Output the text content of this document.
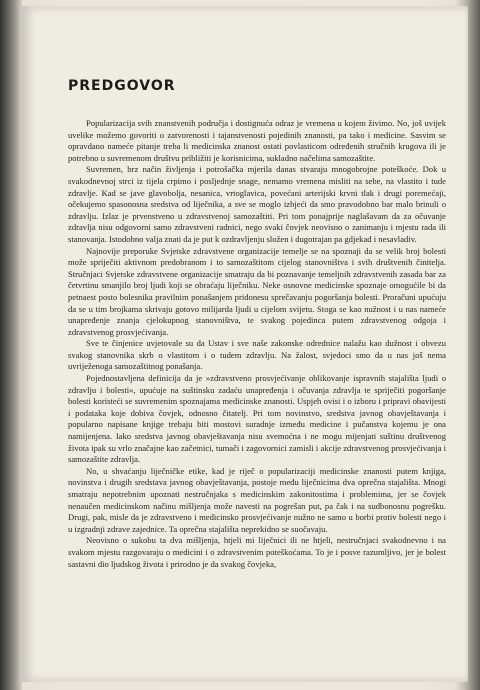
PREDGOVOR

Popularizacija svih znanstvenih područja i dostignuća odraz je vremena u kojem živimo. No, još uvijek uvelike možemo govoriti o zatvorenosti i tajanstvenosti pojedinih znanosti, pa tako i medicine. Sasvim se opravdano nameće pitanje treba li medicinska znanost ostati povlasticom određenih stručnih krugova ili je potrebno u suvremenom društvu približiti je korisnicima, sukladno načelima samozaštite.

Suvremen, brz način življenja i potrošačka mjerila danas stvaraju mnogobrojne poteškoće. Dok u svakodnevnoj strci iz tijela crpimo i posljednje snage, nemamo vremena misliti na sebe, na vlastito i tude zdravlje. Kad se jave glavobolja, nesanica, vrtoglavica, povećani arterijski krvni tlak i drugi poremećaji, očekujemo spasonosna sredstva od liječnika, a sve se moglo izbjeći da smo pravodobno bar malo brinuli o zdravlju. Izlaz je prvenstveno u zdravstvenoj samozaštiti. Pri tom ponajprije naglašavam da za očuvanje zdravlja nisu odgovorni samo zdravstveni radnici, nego svaki čovjek neovisno o zanimanju i mjestu rada ili stanovanja. Istodobno valja znati da je put k ozdravljenju složen i dugotrajan pa gdjekad i nesavladiv.

Najnovije preporuke Svjetske zdravstvene organizacije temelje se na spoznaji da se velik broj bolesti može spriječiti aktivnom predobranom i to samozaštitom cijelog stanovništva i svih društvenih činitelja. Stručnjaci Svjetske zdravstvene organizacije smatraju da bi poznavanje temeljnih zdravstvenih zasada bar za četvrtinu smanjilo broj ljudi koji se obraćaju liječniku. Neke osnovne medicinske spoznaje omogućile bi da petnaest posto bolesnika pravilnim ponašanjem pridonesu sprečavanju pogoršanja bolesti. Proračuni upućuju da se u tim brojkama skrivaju gotovo milijarda ljudi u cijelom svijetu. Stoga se kao nužnost i u nas nameće unapređenje znanja cjelokupnog stanovništva, te svakog pojedinca putem zdravstvenog odgoja i zdravstvenog prosvjećivanja.

Sve te činjenice uvjetovale su da Ustav i sve naše zakonske odrednice nalažu kao dužnost i obvezu svakog stanovnika skrb o vlastitom i o tudem zdravlju. Na žalost, svjedoci smo da u nas još nema uvriježenoga samozaštitnog ponašanja.

Pojednostavljena definicija da je »zdravstveno prosvjećivanje oblikovanje ispravnih stajališta ljudi o zdravlju i bolesti«, upućuje na suštinsku zadaću unapređenja i očuvanja zdravlja te spriječiti pogoršanje bolesti koristeći se suvremenim spoznajama medicinske znanosti. Uspjeh ovisi i o izboru i pripravi obavijesti i podataka koje dobiva čovjek, odnosno čitatelj. Pri tom novinstvo, sredstva javnog obavještavanja i popularno napisane knjige trebaju biti mostovi suradnje između medicine i pučanstva kojemu je ona namijenjena. Iako sredstva javnog obavještavanja nisu svemoćna i ne mogu mijenjati suštinu društvenog života ipak su vrlo značajne kao začetnici, tumači i zagovornici zamisli i akcije zdravstvenog prosvjećivanja i samozaštite zdravlja.

No, u shvaćanju liječničke etike, kad je riječ o popularizaciji medicinske znanosti putem knjiga, novinstva i drugih sredstava javnog obavještavanja, postoje među liječnicima dva oprečna stajališta. Mnogi smatraju nepotrebnim upoznati nestručnjaka s medicinskim zakonitostima i problemima, jer se čovjek nenaučen medicinskom načinu mišljenja može navesti na pogrešan put, pa čak i na sudbonosnu pogrešku. Drugi, pak, misle da je zdravstveno i medicinsko prosvjećivanje nužno ne samo u borbi protiv bolesti nego i u izgradnji zdrave zajednice. Ta oprečna stajališta neprekidno se suočavaju.

Neovisno o sukobu ta dva mišljenja, htjeli mi liječnici ili ne htjeli, nestručnjaci svakodnevno i na svakom mjestu razgovaraju o medicini i o zdravstvenim poteškoćama. To je i posve razumljivo, jer je bolest sastavni dio ljudskog života i prirodno je da svakog čovjeka,
